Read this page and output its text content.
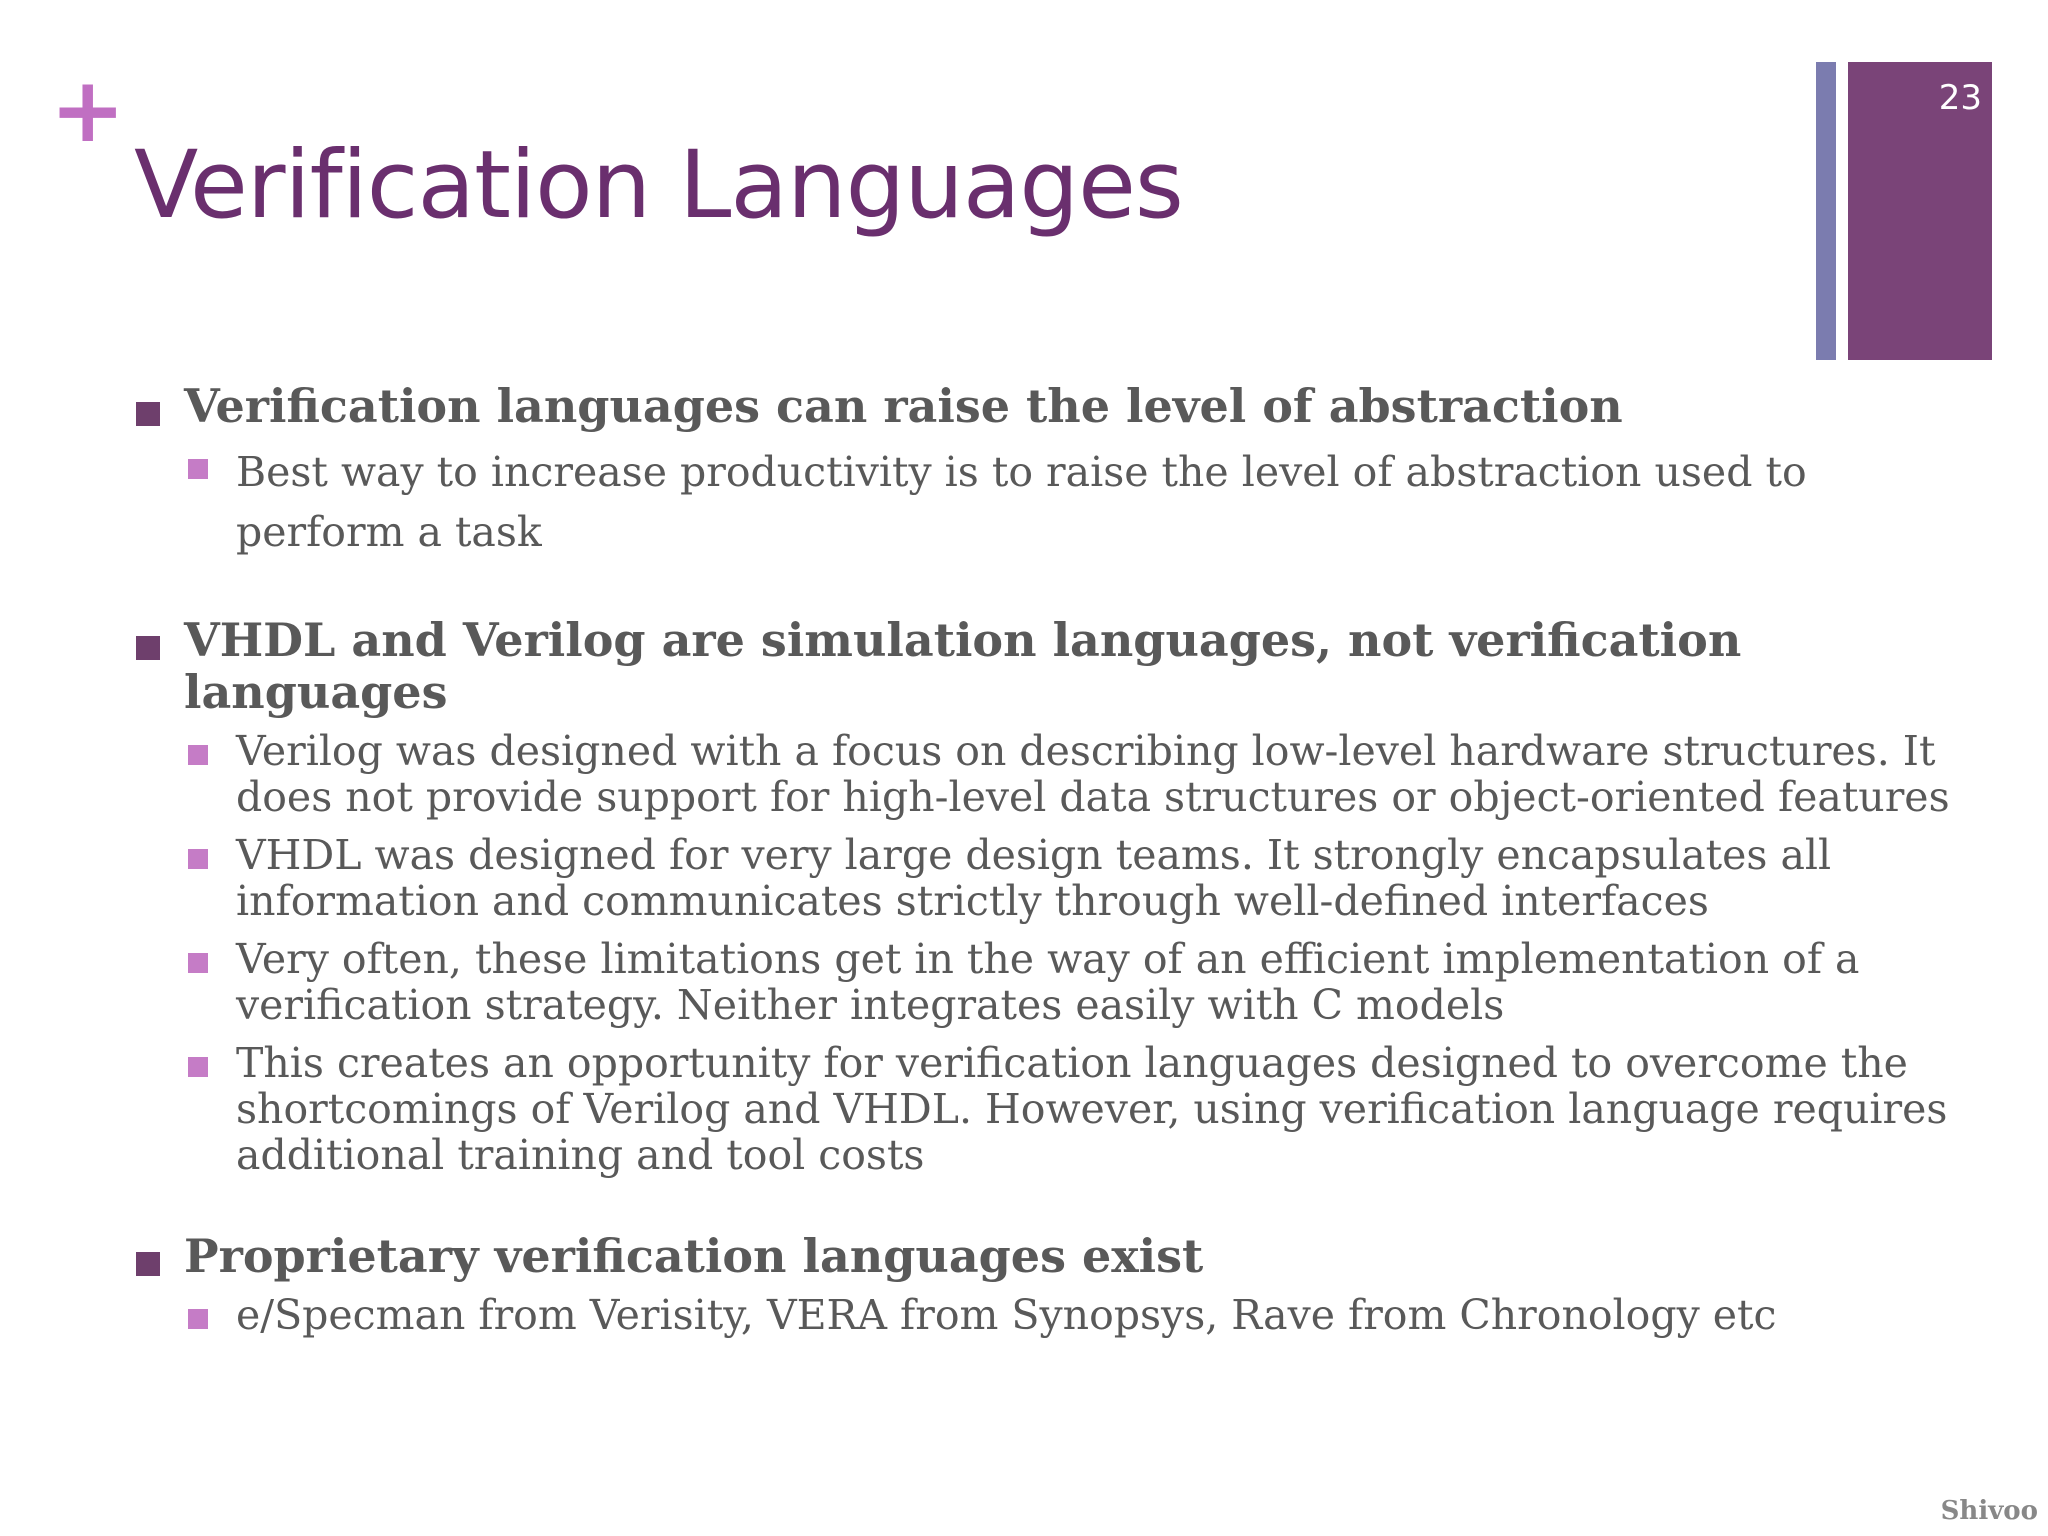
+
Verification Languages
23
Verification languages can raise the level of abstraction
Best way to increase productivity is to raise the level of abstraction used to perform a task
VHDL and Verilog are simulation languages, not verification languages
Verilog was designed with a focus on describing low-level hardware structures. It does not provide support for high-level data structures or object-oriented features
VHDL was designed for very large design teams. It strongly encapsulates all information and communicates strictly through well-defined interfaces
Very often, these limitations get in the way of an efficient implementation of a verification strategy. Neither integrates easily with C models
This creates an opportunity for verification languages designed to overcome the shortcomings of Verilog and VHDL. However, using verification language requires additional training and tool costs
Proprietary verification languages exist
e/Specman from Verisity, VERA from Synopsys, Rave from Chronology etc
Shivoo
